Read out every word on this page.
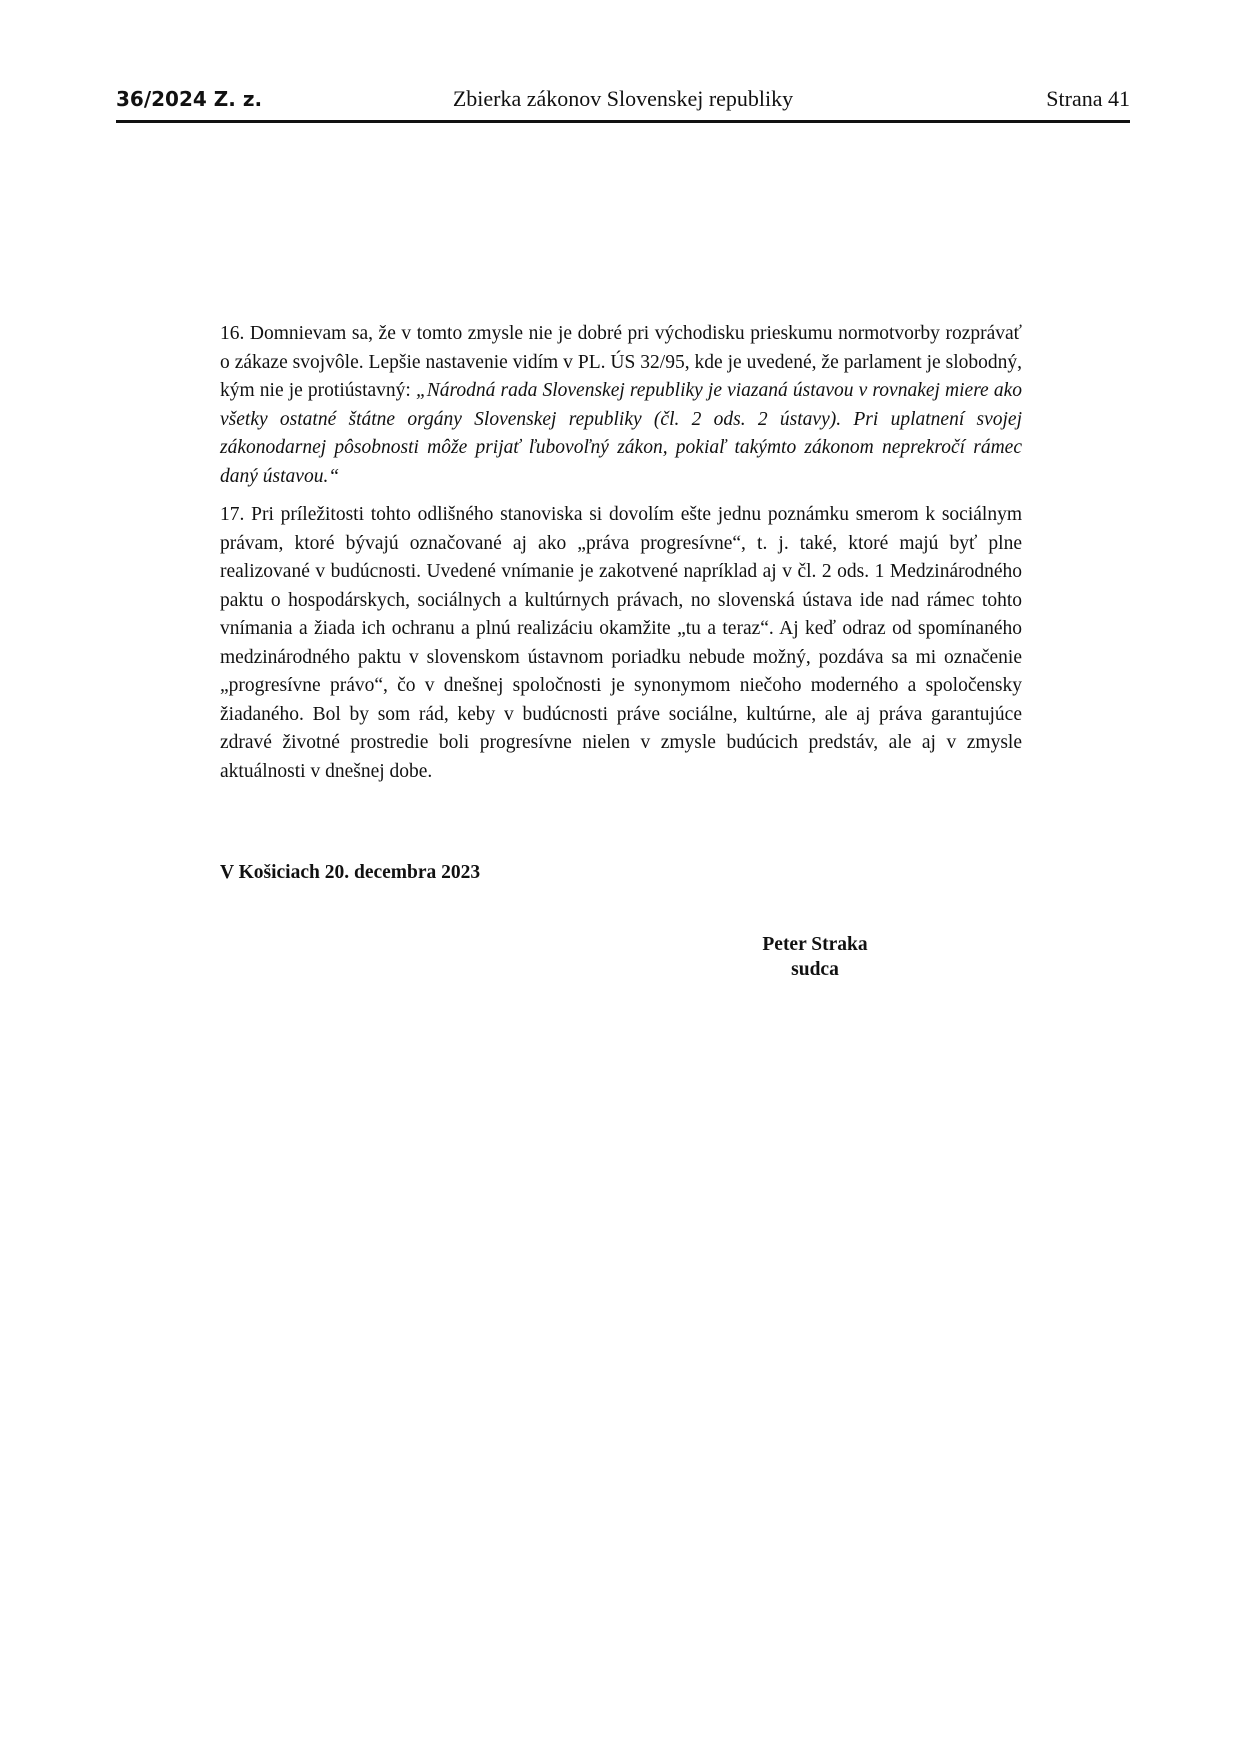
36/2024 Z. z.	Zbierka zákonov Slovenskej republiky	Strana 41

16. Domnievam sa, že v tomto zmysle nie je dobré pri východisku prieskumu normotvorby rozprávať o zákaze svojvôle. Lepšie nastavenie vidím v PL. ÚS 32/95, kde je uvedené, že parlament je slobodný, kým nie je protiústavný: „Národná rada Slovenskej republiky je viazaná ústavou v rovnakej miere ako všetky ostatné štátne orgány Slovenskej republiky (čl. 2 ods. 2 ústavy). Pri uplatnení svojej zákonodarnej pôsobnosti môže prijať ľubovoľný zákon, pokiaľ takýmto zákonom neprekročí rámec daný ústavou.“

17. Pri príležitosti tohto odlišného stanoviska si dovolím ešte jednu poznámku smerom k sociálnym právam, ktoré bývajú označované aj ako „práva progresívne“, t. j. také, ktoré majú byť plne realizované v budúcnosti. Uvedené vnímanie je zakotvené napríklad aj v čl. 2 ods. 1 Medzinárodného paktu o hospodárskych, sociálnych a kultúrnych právach, no slovenská ústava ide nad rámec tohto vnímania a žiada ich ochranu a plnú realizáciu okamžite „tu a teraz“. Aj keď odraz od spomínaného medzinárodného paktu v slovenskom ústavnom poriadku nebude možný, pozdáva sa mi označenie „progresívne právo“, čo v dnešnej spoločnosti je synonymom niečoho moderného a spoločensky žiadaného. Bol by som rád, keby v budúcnosti práve sociálne, kultúrne, ale aj práva garantujúce zdravé životné prostredie boli progresívne nielen v zmysle budúcich predstáv, ale aj v zmysle aktuálnosti v dnešnej dobe.

V Košiciach 20. decembra 2023
Peter Straka
sudca
